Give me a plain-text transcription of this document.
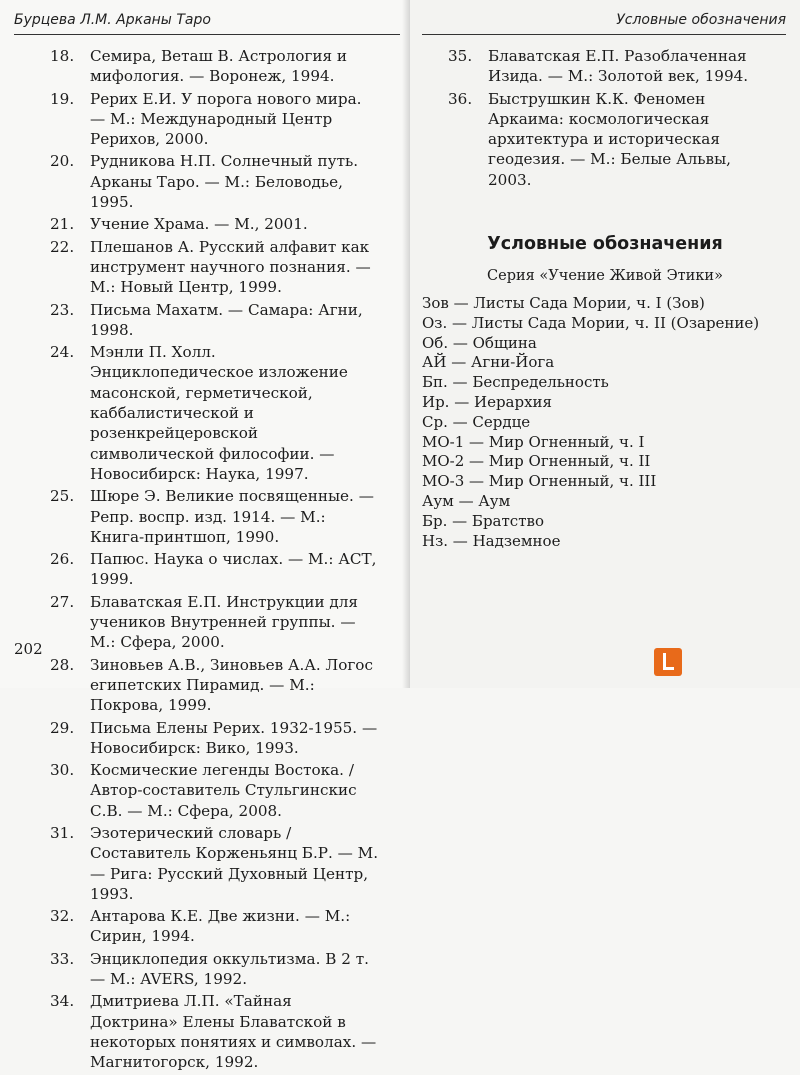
Бурцева Л.М. Арканы Таро
18. Семира, Веташ В. Астрология и мифология. — Воронеж, 1994.
19. Рерих Е.И. У порога нового мира. — М.: Международный Центр Рерихов, 2000.
20. Рудникова Н.П. Солнечный путь. Арканы Таро. — М.: Беловодье, 1995.
21. Учение Храма. — М., 2001.
22. Плешанов А. Русский алфавит как инструмент научного познания. — М.: Новый Центр, 1999.
23. Письма Махатм. — Самара: Агни, 1998.
24. Мэнли П. Холл. Энциклопедическое изложение масонской, герметической, каббалистической и розенкрейцеровской символической философии. — Новосибирск: Наука, 1997.
25. Шюре Э. Великие посвященные. — Репр. воспр. изд. 1914. — М.: Книга-принтшоп, 1990.
26. Папюс. Наука о числах. — М.: АСТ, 1999.
27. Блаватская Е.П. Инструкции для учеников Внутренней группы. — М.: Сфера, 2000.
28. Зиновьев А.В., Зиновьев А.А. Логос египетских Пирамид. — М.: Покрова, 1999.
29. Письма Елены Рерих. 1932-1955. — Новосибирск: Вико, 1993.
30. Космические легенды Востока. / Автор-составитель Стульгинскис С.В. — М.: Сфера, 2008.
31. Эзотерический словарь / Составитель Корженьянц Б.Р. — М. — Рига: Русский Духовный Центр, 1993.
32. Антарова К.Е. Две жизни. — М.: Сирин, 1994.
33. Энциклопедия оккультизма. В 2 т. — М.: AVERS, 1992.
34. Дмитриева Л.П. «Тайная Доктрина» Елены Блаватской в некоторых понятиях и символах. — Магнитогорск, 1992.
202
Условные обозначения
35. Блаватская Е.П. Разоблаченная Изида. — М.: Золотой век, 1994.
36. Быструшкин К.К. Феномен Аркаима: космологическая архитектура и историческая геодезия. — М.: Белые Альвы, 2003.
Условные обозначения
Серия «Учение Живой Этики»
Зов — Листы Сада Мории, ч. I (Зов)
Оз. — Листы Сада Мории, ч. II (Озарение)
Об. — Община
АЙ — Агни-Йога
Бп. — Беспредельность
Ир. — Иерархия
Ср. — Сердце
МО-1 — Мир Огненный, ч. I
МО-2 — Мир Огненный, ч. II
МО-3 — Мир Огненный, ч. III
Аум — Аум
Бр. — Братство
Нз. — Надземное
